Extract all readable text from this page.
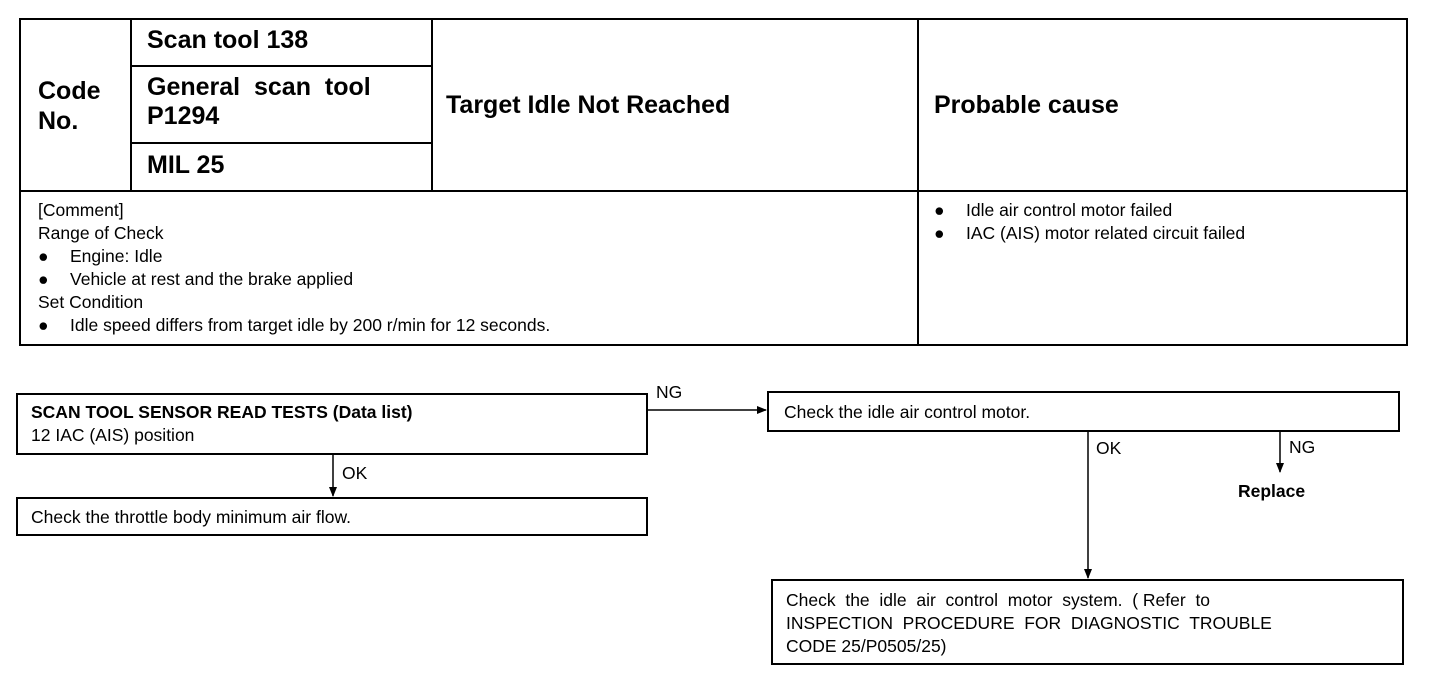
Code
No.
Scan tool 138
General  scan  tool
P1294
MIL 25
Target Idle Not Reached	Probable cause
[Comment]
Range of Check
● Engine: Idle
● Vehicle at rest and the brake applied
Set Condition
● Idle speed differs from target idle by 200 r/min for 12 seconds.
● Idle air control motor failed
● IAC (AIS) motor related circuit failed
SCAN TOOL SENSOR READ TESTS (Data list)
12 IAC (AIS) position
NG
OK
Check the throttle body minimum air flow.
Check the idle air control motor.
OK	NG
Replace
Check  the  idle  air  control  motor  system.  ( Refer  to
INSPECTION  PROCEDURE  FOR  DIAGNOSTIC  TROUBLE
CODE 25/P0505/25)
